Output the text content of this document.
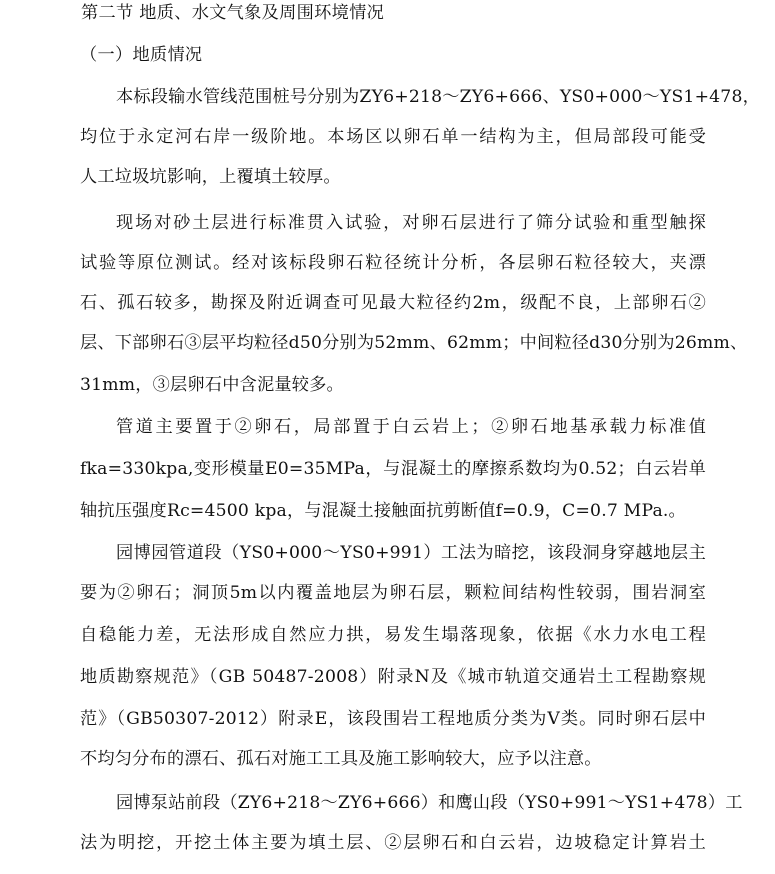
第二节 地质、水文气象及周围环境情况
（一）地质情况
本标段输水管线范围桩号分别为ZY6+218～ZY6+666、YS0+000～YS1+478，
均位于永定河右岸一级阶地。本场区以卵石单一结构为主，但局部段可能受
人工垃圾坑影响，上覆填土较厚。
现场对砂土层进行标准贯入试验，对卵石层进行了筛分试验和重型触探
试验等原位测试。经对该标段卵石粒径统计分析，各层卵石粒径较大，夹漂
石、孤石较多，勘探及附近调查可见最大粒径约2m，级配不良，上部卵石②
层、下部卵石③层平均粒径d50分别为52mm、62mm；中间粒径d30分别为26mm、
31mm，③层卵石中含泥量较多。
管道主要置于②卵石，局部置于白云岩上；②卵石地基承载力标准值
fka=330kpa,变形模量E0=35MPa，与混凝土的摩擦系数均为0.52；白云岩单
轴抗压强度Rc=4500 kpa，与混凝土接触面抗剪断值f=0.9，C=0.7 MPa.。
园博园管道段（YS0+000～YS0+991）工法为暗挖，该段洞身穿越地层主
要为②卵石；洞顶5m以内覆盖地层为卵石层，颗粒间结构性较弱，围岩洞室
自稳能力差，无法形成自然应力拱，易发生塌落现象，依据《水力水电工程
地质勘察规范》（GB 50487-2008）附录N及《城市轨道交通岩土工程勘察规
范》（GB50307-2012）附录E，该段围岩工程地质分类为Ⅴ类。同时卵石层中
不均匀分布的漂石、孤石对施工工具及施工影响较大，应予以注意。
园博泵站前段（ZY6+218～ZY6+666）和鹰山段（YS0+991～YS1+478）工
法为明挖，开挖土体主要为填土层、②层卵石和白云岩，边坡稳定计算岩土
